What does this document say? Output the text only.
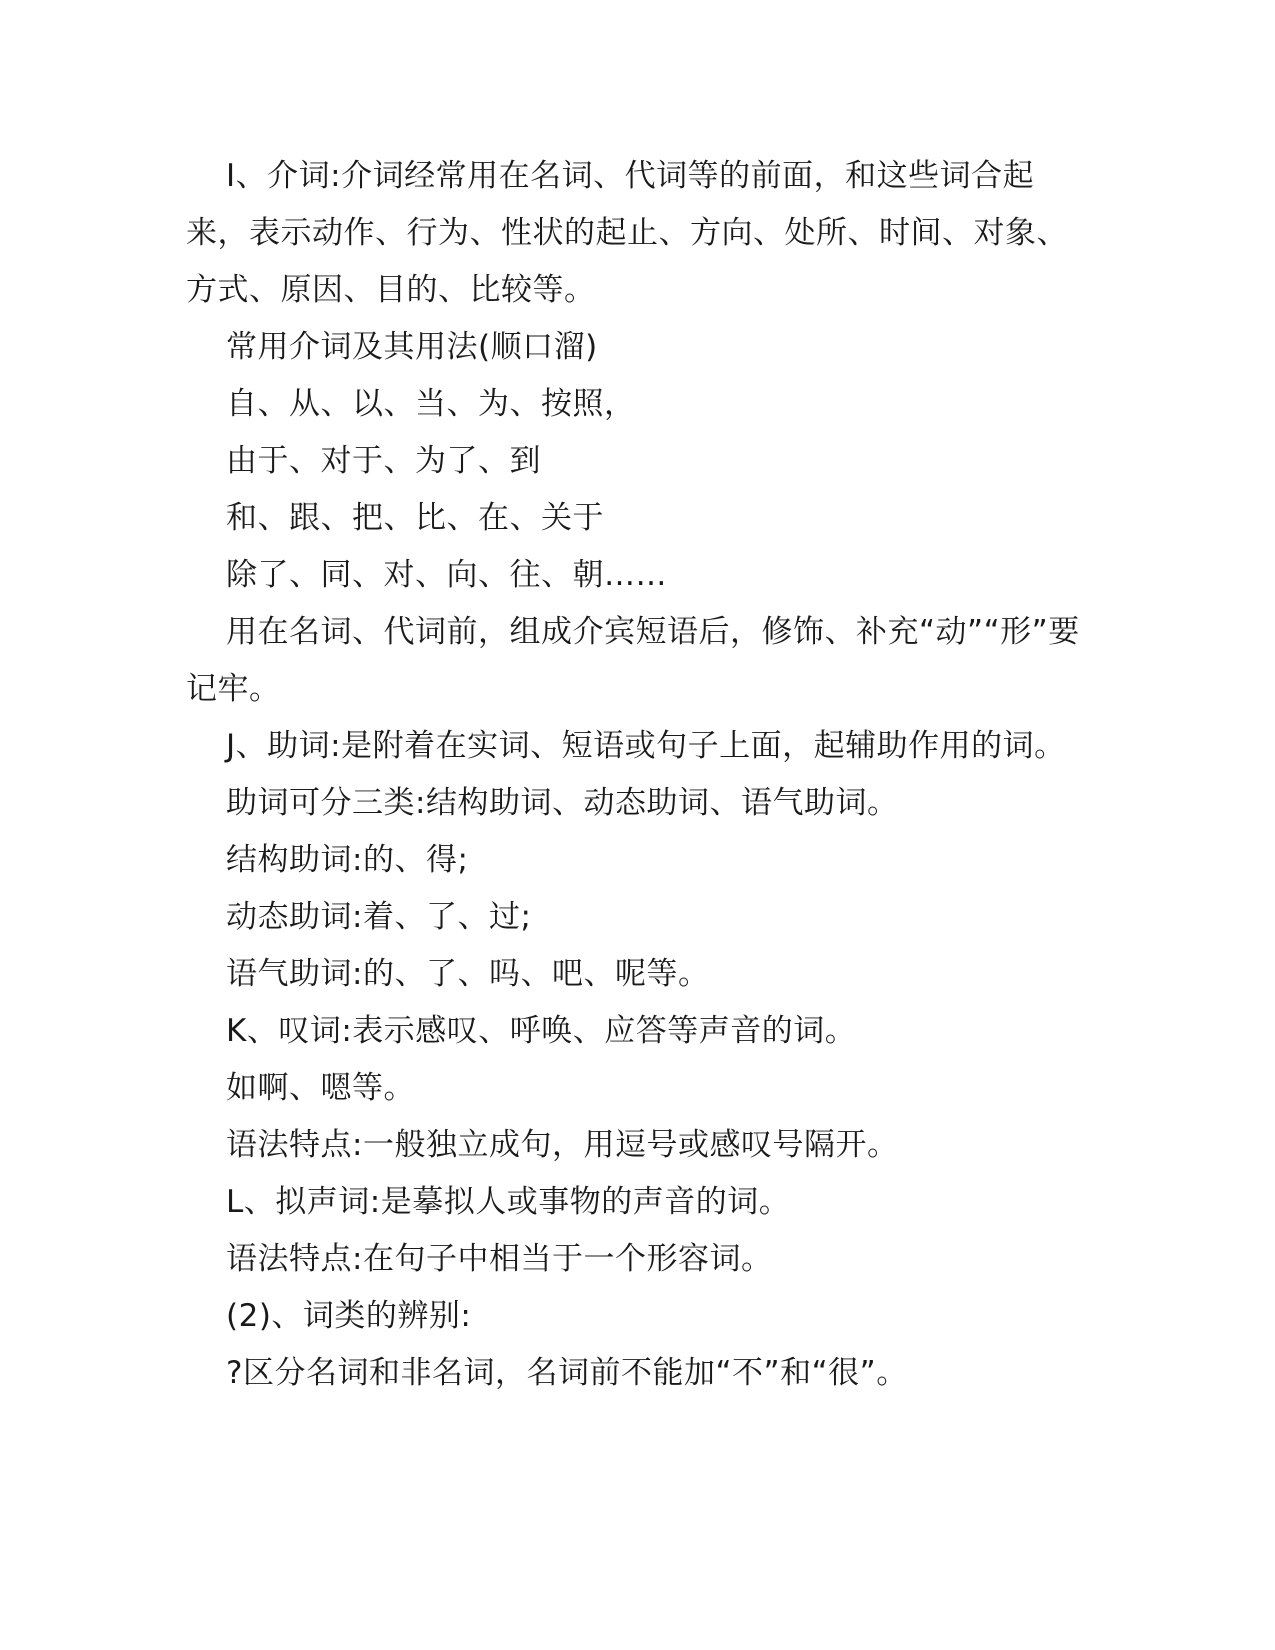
I、介词:介词经常用在名词、代词等的前面，和这些词合起来，表示动作、行为、性状的起止、方向、处所、时间、对象、方式、原因、目的、比较等。

常用介词及其用法(顺口溜)

自、从、以、当、为、按照，

由于、对于、为了、到

和、跟、把、比、在、关于

除了、同、对、向、往、朝……

用在名词、代词前，组成介宾短语后，修饰、补充“动”“形”要记牢。

J、助词:是附着在实词、短语或句子上面，起辅助作用的词。

助词可分三类:结构助词、动态助词、语气助词。

结构助词:的、得;

动态助词:着、了、过;

语气助词:的、了、吗、吧、呢等。

K、叹词:表示感叹、呼唤、应答等声音的词。

如啊、嗯等。

语法特点:一般独立成句，用逗号或感叹号隔开。

L、拟声词:是摹拟人或事物的声音的词。

语法特点:在句子中相当于一个形容词。

(2)、词类的辨别:

?区分名词和非名词，名词前不能加“不”和“很”。
